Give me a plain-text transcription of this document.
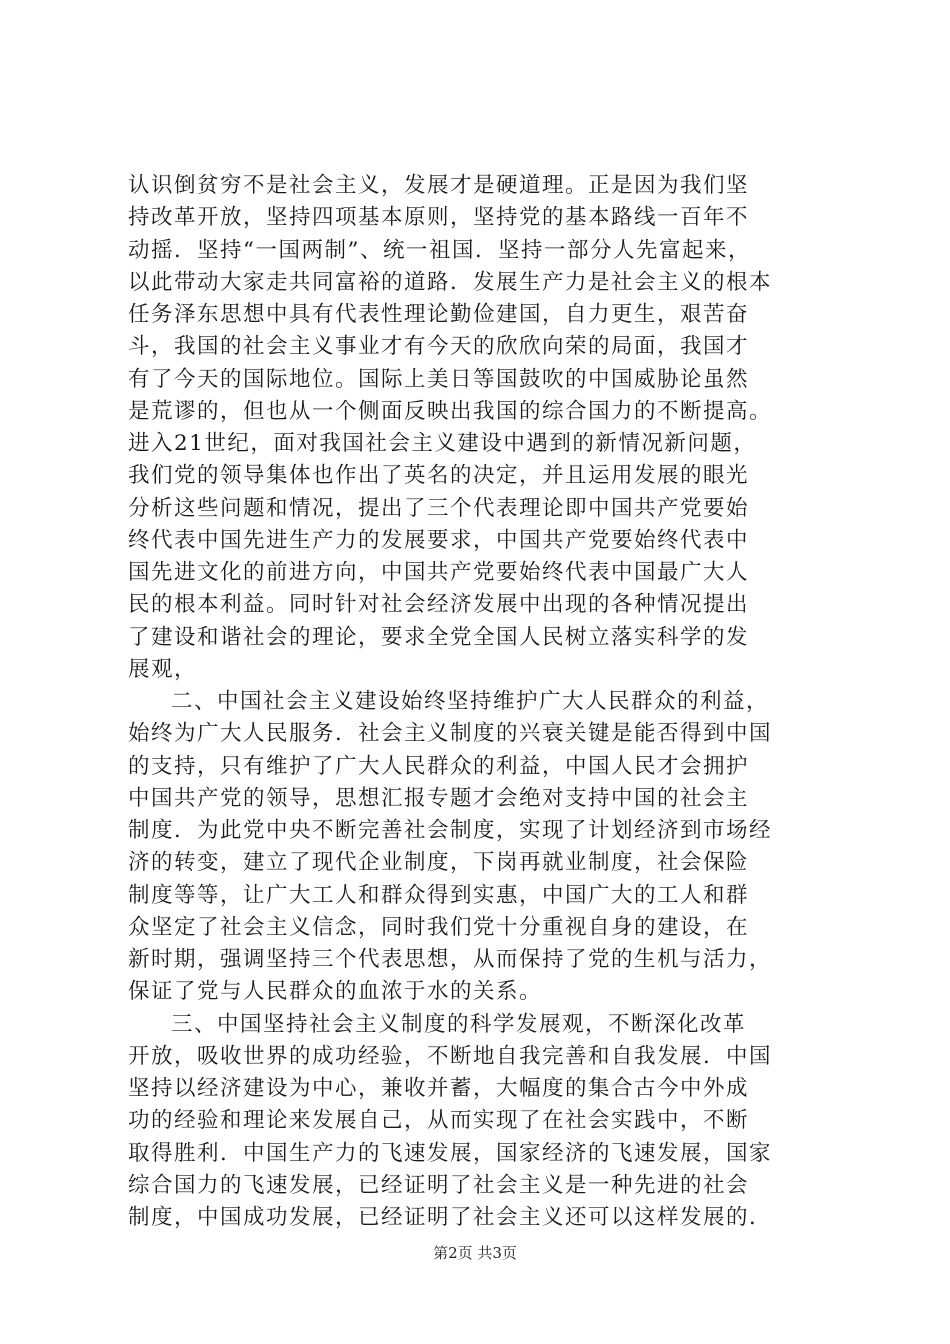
认识倒贫穷不是社会主义，发展才是硬道理。正是因为我们坚
持改革开放，坚持四项基本原则，坚持党的基本路线一百年不
动摇．坚持“一国两制”、统一祖国．坚持一部分人先富起来，
以此带动大家走共同富裕的道路．发展生产力是社会主义的根本
任务泽东思想中具有代表性理论勤俭建国，自力更生，艰苦奋
斗，我国的社会主义事业才有今天的欣欣向荣的局面，我国才
有了今天的国际地位。国际上美日等国鼓吹的中国威胁论虽然
是荒谬的，但也从一个侧面反映出我国的综合国力的不断提高。
进入21世纪，面对我国社会主义建设中遇到的新情况新问题，
我们党的领导集体也作出了英名的决定，并且运用发展的眼光
分析这些问题和情况，提出了三个代表理论即中国共产党要始
终代表中国先进生产力的发展要求，中国共产党要始终代表中
国先进文化的前进方向，中国共产党要始终代表中国最广大人
民的根本利益。同时针对社会经济发展中出现的各种情况提出
了建设和谐社会的理论，要求全党全国人民树立落实科学的发
展观，
二、中国社会主义建设始终坚持维护广大人民群众的利益，
始终为广大人民服务．社会主义制度的兴衰关键是能否得到中国
的支持，只有维护了广大人民群众的利益，中国人民才会拥护
中国共产党的领导，思想汇报专题才会绝对支持中国的社会主
制度．为此党中央不断完善社会制度，实现了计划经济到市场经
济的转变，建立了现代企业制度，下岗再就业制度，社会保险
制度等等，让广大工人和群众得到实惠，中国广大的工人和群
众坚定了社会主义信念，同时我们党十分重视自身的建设，在
新时期，强调坚持三个代表思想，从而保持了党的生机与活力，
保证了党与人民群众的血浓于水的关系。
三、中国坚持社会主义制度的科学发展观，不断深化改革
开放，吸收世界的成功经验，不断地自我完善和自我发展．中国
坚持以经济建设为中心，兼收并蓄，大幅度的集合古今中外成
功的经验和理论来发展自己，从而实现了在社会实践中，不断
取得胜利．中国生产力的飞速发展，国家经济的飞速发展，国家
综合国力的飞速发展，已经证明了社会主义是一种先进的社会
制度，中国成功发展，已经证明了社会主义还可以这样发展的．
第2页 共3页
